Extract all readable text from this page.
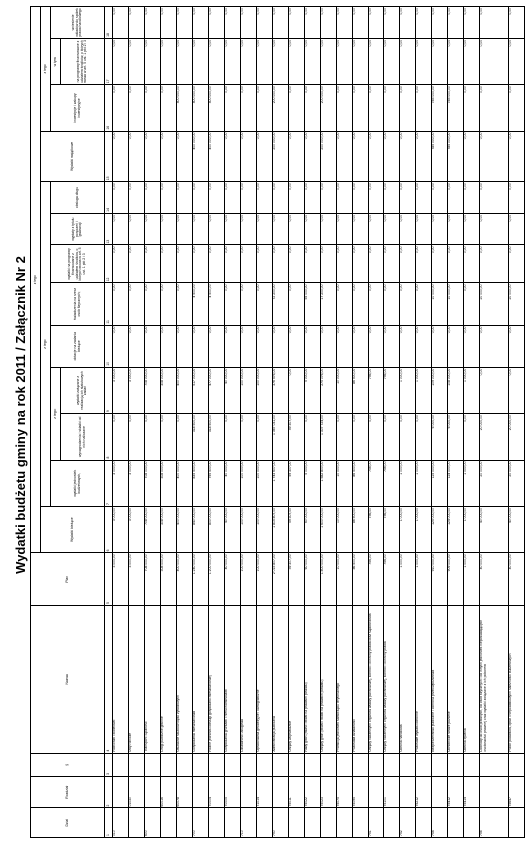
Wydatki budżetu gminy na rok 2011 / Załącznik Nr 2
Dział	Rozdział	§	Nazwa	Plan	z tego												
					Wydatki bieżące	z tego								Wydatki majątkowe	z tego		
						wydatki jednostek budżetowych,	z tego:		dotacje na zadania bieżące	świadczenia na rzecz osób fizycznych;	wydatki na programy finansowane z udziałem środków, o których mowa w art. 5 ust. 1 pkt 2 i 3	wypłaty z tytułu poręczeń i gwarancji	obsługa długu		inwestycje i zakupy inwestycyjne	w tym:	wniesienie wkładów do spółek prawa handlowego
							wynagrodzenia i składki od nich naliczane	wydatki związane z realizacją ich statutowych zadań								na programy finansowane z udziałem środków, o których mowa w art. 5 ust. 1 pkt 2 i 3	
1	2	3	4	5	6	7	8	9	10	11	12	13	14	15	16	17	18
010			Rolnictwo i łowiectwo	3 000,00	3 000,00	3 000,00	0,00	3 000,00	0,00	0,00	0,00	0,00	0,00	0,00	0,00	0,00	0,00
	01030		Izby rolnicze	3 000,00	3 000,00	3 000,00	0,00	3 000,00	0,00	0,00	0,00	0,00	0,00	0,00	0,00	0,00	0,00
600			Transport i łączność	708 000,00	708 000,00	708 000,00	0,00	708 000,00	0,00	0,00	0,00	0,00	0,00	0,00	0,00	0,00	0,00
	60016		Drogi publiczne gminne	308 000,00	308 000,00	308 000,00	0,00	308 000,00	0,00	0,00	0,00	0,00	0,00	0,00	0,00	0,00	0,00
	60078		Usuwanie skutków klęsk żywiołowych	400 000,00	400 000,00	400 000,00	0,00	400 000,00	0,00	0,00	0,00	0,00	0,00	0,00	400 000,00	0,00	0,00
700			Gospodarka mieszkaniowa	1 240 000,00	840 000,00	835 500,00	318 500,00	517 000,00	0,00	4 500,00	0,00	0,00	0,00	400 000,00	400 000,00	0,00	0,00
	70004		Różne jednostki obsługi gospodarki mieszkaniowej	1 200 000,00	800 000,00	795 500,00	318 500,00	477 000,00	0,00	4 500,00	0,00	0,00	0,00	400 000,00	400 000,00	0,00	0,00
	70005		Gospodarka gruntami i nieruchomościami	40 000,00	40 000,00	40 000,00	0,00	40 000,00	0,00	0,00	0,00	0,00	0,00	0,00	0,00	0,00	0,00
710			Działalność usługowa	100 000,00	100 000,00	100 000,00	0,00	100 000,00	0,00	0,00	0,00	0,00	0,00	0,00	0,00	0,00	0,00
	71014		Opracowania geodezyjne i kartograficzne	100 000,00	100 000,00	100 000,00	0,00	100 000,00	0,00	0,00	0,00	0,00	0,00	0,00	0,00	0,00	0,00
750			Administracja publiczna	2 015 807,00	1 815 807,00	1 743 607,00	1 367 031,00	376 576,00	0,00	72 200,00	0,00	0,00	0,00	200 000,00	200 000,00	0,00	0,00
	75011		Urzędy wojewódzkie	59 307,00	59 307,00	59 307,00	59 307,00	0,00	0,00	0,00	0,00	0,00	0,00	0,00	0,00	0,00	0,00
	75022		Rady gmin (miast i miast na prawach powiatu)	60 000,00	60 000,00	5 000,00	0,00	5 000,00	0,00	55 000,00	0,00	0,00	0,00	0,00	0,00	0,00	0,00
	75023		Urzędy gmin (miast i miast na prawach powiatu)	1 800 000,00	1 600 000,00	1 582 800,00	1 307 724,00	275 076,00	0,00	17 200,00	0,00	0,00	0,00	200 000,00	200 000,00	0,00	0,00
	75075		Promocja jednostek samorządu terytorialnego	10 000,00	10 000,00	10 000,00	0,00	10 000,00	0,00	0,00	0,00	0,00	0,00	0,00	0,00	0,00	0,00
	75095		Pozostała działalność	86 500,00	86 500,00	86 500,00	0,00	86 500,00	0,00	0,00	0,00	0,00	0,00	0,00	0,00	0,00	0,00
751			Urzędy naczelnych organów władzy państwowej, kontroli i ochrony prawa oraz sądownictwa	756,00	756,00	756,00	0,00	756,00	0,00	0,00	0,00	0,00	0,00	0,00	0,00	0,00	0,00
	75101		Urzędy naczelnych organów władzy państwowej, kontroli i ochrony prawa	756,00	756,00	756,00	0,00	756,00	0,00	0,00	0,00	0,00	0,00	0,00	0,00	0,00	0,00
752			Obrona narodowa	1 000,00	1 000,00	1 000,00	0,00	1 000,00	0,00	0,00	0,00	0,00	0,00	0,00	0,00	0,00	0,00
	75212		Pozostałe wydatki obronne	1 000,00	1 000,00	1 000,00	0,00	1 000,00	0,00	0,00	0,00	0,00	0,00	0,00	0,00	0,00	0,00
754			Bezpieczeństwo publiczne i ochrona przeciwpożarowa	910 000,00	125 000,00	115 000,00	6 000,00	109 000,00	0,00	10 000,00	0,00	0,00	0,00	785 000,00	785 000,00	0,00	0,00
	75412		Ochotnicze straże pożarne	909 000,00	124 000,00	114 000,00	6 000,00	108 000,00	0,00	10 000,00	0,00	0,00	0,00	785 000,00	785 000,00	0,00	0,00
	75414		Obrona cywilna	1 000,00	1 000,00	1 000,00	0,00	1 000,00	0,00	0,00	0,00	0,00	0,00	0,00	0,00	0,00	0,00
756			Dochody od osób prawnych, od osób fizycznych i od innych jednostek nieposiadających osobowości prawnej oraz wydatki związane z ich poborem	40 000,00	40 000,00	20 000,00	20 000,00	0,00	0,00	20 000,00	0,00	0,00	0,00	0,00	0,00	0,00	0,00
	75647		Pobór podatków, opłat i niepodatkowych należności budżetowych	40 000,00	40 000,00	20 000,00	20 000,00	0,00	0,00	20 000,00	0,00	0,00	0,00	0,00	0,00	0,00	0,00
